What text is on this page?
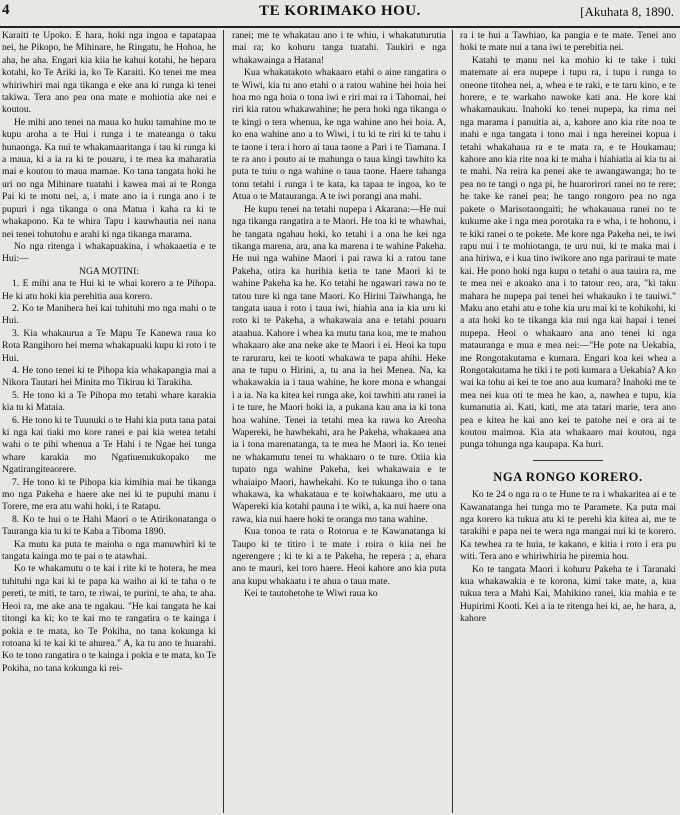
4	TE KORIMAKO HOU.	[Akuhata 8, 1890.

Karaiti te Upoko. E hara, hoki nga ingoa e tapatapaa nei, he Pikopo, he Mihinare, he Ringatu, he Hohoa, he aha, he aha. Engari kia kiia he kahui kotahi, he hepara kotahi, ko Te Ariki ia, ko Te Karaiti. Ko tenei me mea whiriwhiri mai nga tikanga e eke ana ki runga ki tenei takiwa. Tera ano pea ona mate e mohiotia ake nei e koutou.

He mihi ano tenei na maua ko huku tamahine mo te kupu aroha a te Hui i runga i te mateanga o taku hunaonga. Ka nui te whakamaaritanga i tau ki runga ki a maua, ki a ia ra ki te pouaru, i te mea ka maharatia mai e koutou to maua mamae. Ko tana tangata hoki he uri no nga Mihinare tuatahi i kawea mai ai te Ronga Pai ki te motu nei, a, i mate ano ia i runga ano i te pupuri i nga tikanga o ona Matua i kaha ra ki te whakapono. Ka te whira Tapu i kauwhautia nei nana nei tenei tohutohu e arahi ki nga tikanga marama.

No nga ritenga i whakapuakina, i whakaaetia e te Hui:—

NGA MOTINI:

1. E mihi ana te Hui ki te whai korero a te Pihopa. He ki atu hoki kia perehitia aua korero.

2. Ko te Manihera hei kai tuhituhi mo nga mahi o te Hui.

3. Kia whakaurua a Te Mapu Te Kanewa raua ko Rota Rangihoro hei mema whakapuaki kupu ki roto i te Hui.

4. He tono tenei ki te Pihopa kia whakapangia mai a Nikora Tautari hei Minita mo Tikirau ki Tarakiha.

5. He tono ki a Te Pihopa mo tetahi whare karakia kia tu ki Mataia.

6. He tono ki te Tuunuki o te Hahi kia puta tana patai ki nga kai tiaki mo kore ranei e pai kia wetea tetahi wahi o te pihi whenua a Te Hahi i te Ngae hei tunga whare karakia mo Ngatiuenukukopako me Ngatirangiteaorere.

7. He tono ki te Pihopa kia kimihia mai he tikanga mo nga Pakeha e haere ake nei ki te pupuhi manu i Torere, me era atu wahi hoki, i te Ratapu.

8. Ko te hui o te Hahi Maori o te Atirikonatanga o Tauranga kia tu ki te Kaba a Tiboma 1890.

Ka mutu ka puta te maioha o nga manuwhiri ki te tangata kainga mo te pai o te atawhai.

Ko te whakamutu o te kai i rite ki te hotera, he mea tuhituhi nga kai ki te papa ka waiho ai ki te taha o te pereti, te miti, te taro, te riwai, te purini, te aha, te aha. Heoi ra, me ake ana te ngakau. "He kai tangata he kai titongi ka ki; ko te kai mo te rangatira o te kainga i pokia e te mata, ko Te Pokiha, no tana kokunga ki rotoana ki te kai ki te ahurea." A, ka tu ano te huarahi. Ko te tono rangatira o te kainga i pokia e te mata, ko Te Pokiha, no tana kokunga ki rei-

ranei; me te whakatau ano i te whiu, i whakatuturutia mai ra; ko kohuru tanga tuatahi. Taukiri e nga whakawainga a Hatana!

Kua whakatakoto whakaaro etahi o aine rangatira o te Wiwi, kia tu ano etahi o a ratou wahine hei hoia hei hoa mo nga hoia o tona iwi e riri mai ra i Tahomai, hei riri kia ratou whakawahine; he pera hoki nga tikanga o te kingi o tera whenua, ke nga wahine ano hei hoia. A, ko ena wahine ano a to Wiwi, i tu ki te riri ki te tahu i te taone i tera i horo ai taua taone a Pari i te Tiamana. I te ra ano i pouto ai te mahunga o taua kingi tawhito ka puta te tuiu o nga wahine o taua taone. Haere tahanga tonu tetahi i runga i te kata, ka tapaa te ingoa, ko te Atua o te Matauranga. A te iwi porangi ana mahi.

He kupu tenei na tetahi nupepa i Akarana:—He nui nga tikanga rangatira a te Maori. He toa ki te whawhai, he tangata ngahau hoki, ko tetahi i a ona he kei nga tikanga marena, ara, ana ka marena i te wahine Pakeha. He nui nga wahine Maori i pai rawa ki a ratou tane Pakeha, otira ka hurihia ketia te tane Maori ki te wahine Pakeha ka he. Ko tetahi he ngawari rawa no te tatou ture ki nga tane Maori. Ko Hirini Taiwhanga, he tangata uaua i roto i taua iwi, hiahia ana ia kia uru ki roto ki te Pakeha, a whakawaia ana e tetahi pouaru ataahua. Kahore i whea ka mutu tana koa, me te mahou whakaaro ake ana neke ake te Maori i ei. Heoi ka tupu te raruraru, kei te kooti whakawa te papa ahihi. Heke ana te tupu o Hirini, a, tu ana ia hei Menea. Na, ka whakawakia ia i taua wahine, he kore mona e whangai i a ia. Na ka kitea kei runga ake, koi tawhiti atu ranei ia i te ture, he Maori hoki ia, a pukana kau ana ia ki tona hoa wahine. Tenei ia tetahi mea ka rawa ko Areoha Wapereki, he hawhekahi, ara he Pakeha, whakaaea ana ia i tona marenatanga, ta te mea he Maori ia. Ko tenei ne whakamutu tenei tu whakaaro o te ture. Otiia kia tupato nga wahine Pakeha, kei whakawaia e te whaiaipo Maori, hawhekahi. Ko te tukunga iho o tana whakawa, ka whakataua e te koiwhakaaro, me utu a Wapereki kia kotahi pauna i te wiki, a, ka nui haere ona rawa, kia nui haere hoki te oranga mo tana wahine.

Kua tonoa te rata o Rotorua e te Kawanatanga ki Taupo ki te titiro i te mate i roira o kiia nei he ngerengere ; ki te ki a te Pakeha, he repera ; a, ehara ano te mauri, kei toro haere. Heoi kahore ano kia puta ana kupu whakaatu i te ahua o taua mate.

Kei te tautohetohe te Wiwi raua ko

ra i te hui a Tawhiao, ka pangia e te mate. Tenei ano hoki te mate nui a tana iwi te perebitia nei.

Katahi te manu nei ka mohio ki te take i tuki matemate ai era nupepe i tupu ra, i tupu i runga to oneone titohea nei, a, whea e te raki, e te taru kino, e te horere, e te warkaho nawoke kati ana. He kore kai whakamaukau. Inahoki ko tenei nupepa, ka rima nei nga marama i panuitia ai, a, kahore ano kia rite noa te mahi e nga tangata i tono mai i nga hereinei kopua i tetahi whakahaua ra e te mata ra, e te Houkamau; kahore ano kia rite noa ki te maha i hiahiatia ai kia tu ai te mahi. Na reira ka penei ake te awangawanga; ho te pea no te tangi o nga pi, he huarorirori ranei no te rere; he take ke ranei pea; he tango rongoro pea no nga pakete o Marisotaongaiti; he whakauaua ranei no te kukume ake i nga mea porotaka ra e wha, i te hohonu, i te kiki ranei o te pokete. Me kore nga Pakeha nei, te iwi rapu nui i te mohiotanga, te uru nui, ki te maka mai i ana hiriwa, e i kua tino iwikore ano nga pariraui te mate kai. He pono hoki nga kupu o tetahi o aua tauira ra, me te mea nei e akoako ana i to tatour reo, ara, "ki taku mahara he nupepa pai tenei hei whakauko i te tauiwi." Maku ano etahi atu e tohe kia uru mai ki te kohikohi, ki a ata hoki ko te tikanga kia nui nga kai hapai i tenei nupepa. Heoi o whakaaro ana ano tenei ki nga matauranga e mua e mea nei:—"He pote na Uekabia, me Rongotakutama e kumara. Engari koa kei whea a Rongotakutama he tiki i te poti kumara a Uekabia? A ko wai ka tohu ai kei te toe ano aua kumara? Inahoki me te mea nei kua oti te mea he kao, a, nawhea e tupu, kia kumanutia ai. Kati, kati, me ata tatari marie, tera ano pea e kitea he kai ano kei te patohe nei e ora ai te koutou maimoa. Kia ata whakaaro mai koutou, nga punga tohunga nga kaupapa. Ka huri.

NGA RONGO KORERO.

Ko te 24 o nga ra o te Hune te ra i whakaritea ai e te Kawanatanga hei tunga mo te Paramete. Ka puta mai nga korero ka tukua atu ki te perehi kia kitea ai, me te tarakihi e papa nei te wera nga mangai nui ki te korero. Ka tewhea ra te huia, te kakano, e kitia i roto i era pu witi. Tera ano e whiriwhiria he piremia hou.

Ko te tangata Maori i kohuru Pakeha te i Taranaki kua whakawakia e te korona, kimi take mate, a, kua tukua tera a Mahi Kai, Mahikino ranei, kia mahia e te Hupirimi Kooti. Kei a ia te ritenga hei ki, ae, he hara, a, kahore
